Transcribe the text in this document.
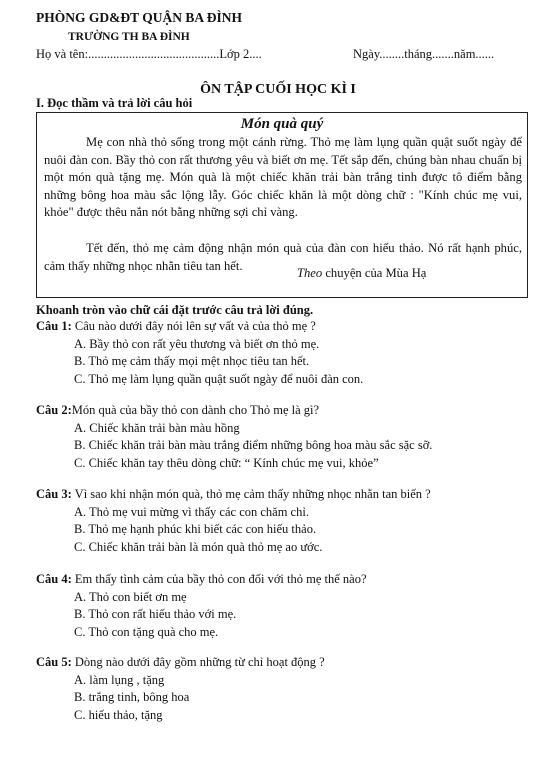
PHÒNG GD&ĐT QUẬN BA ĐÌNH
TRƯỜNG TH BA ĐÌNH
Họ và tên:..........................................Lớp 2....	Ngày........tháng.......năm......
ÔN TẬP CUỐI HỌC KÌ I
I. Đọc thầm và trả lời câu hỏi
Món quà quý

Mẹ con nhà thỏ sống trong một cánh rừng. Thỏ mẹ làm lụng quần quật suốt ngày để nuôi đàn con. Bầy thỏ con rất thương yêu và biết ơn mẹ. Tết sắp đến, chúng bàn nhau chuẩn bị một món quà tặng mẹ. Món quà là một chiếc khăn trải bàn trắng tinh được tô điểm bằng những bông hoa màu sắc lộng lẫy. Góc chiếc khăn là một dòng chữ : "Kính chúc mẹ vui, khỏe" được thêu nắn nót bằng những sợi chỉ vàng.

Tết đến, thỏ mẹ cảm động nhận món quà của đàn con hiếu thảo. Nó rất hạnh phúc, cảm thấy những nhọc nhằn tiêu tan hết.

Theo chuyện của Mùa Hạ
Khoanh tròn vào chữ cái đặt trước câu trả lời đúng.
Câu 1: Câu nào dưới đây nói lên sự vất vả của thỏ mẹ ?
A. Bầy thỏ con rất yêu thương và biết ơn thỏ mẹ.
B. Thỏ mẹ cảm thấy mọi mệt nhọc tiêu tan hết.
C. Thỏ mẹ làm lụng quần quật suốt ngày để nuôi đàn con.
Câu 2:Món quà của bầy thỏ con dành cho Thỏ mẹ là gì?
A. Chiếc khăn trải bàn màu hồng
B. Chiếc khăn trải bàn màu trắng điểm những bông hoa màu sắc sặc sỡ.
C. Chiếc khăn tay thêu dòng chữ: “ Kính chúc mẹ vui, khỏe”
Câu 3: Vì sao khi nhận món quà, thỏ mẹ cảm thấy những nhọc nhằn tan biến ?
A. Thỏ mẹ vui mừng vì thấy các con chăm chỉ.
B. Thỏ mẹ hạnh phúc khi biết các con hiếu thảo.
C. Chiếc khăn trải bàn là món quà thỏ mẹ ao ước.
Câu 4: Em thấy tình cảm của bầy thỏ con đối với thỏ mẹ thế nào?
A. Thỏ con biết ơn mẹ
B. Thỏ con rất hiếu thảo với mẹ.
C. Thỏ con tặng quà cho mẹ.
Câu 5: Dòng nào dưới đây gồm những từ chỉ hoạt động ?
A. làm lụng , tặng
B. trắng tinh, bông hoa
C. hiếu thảo, tặng
